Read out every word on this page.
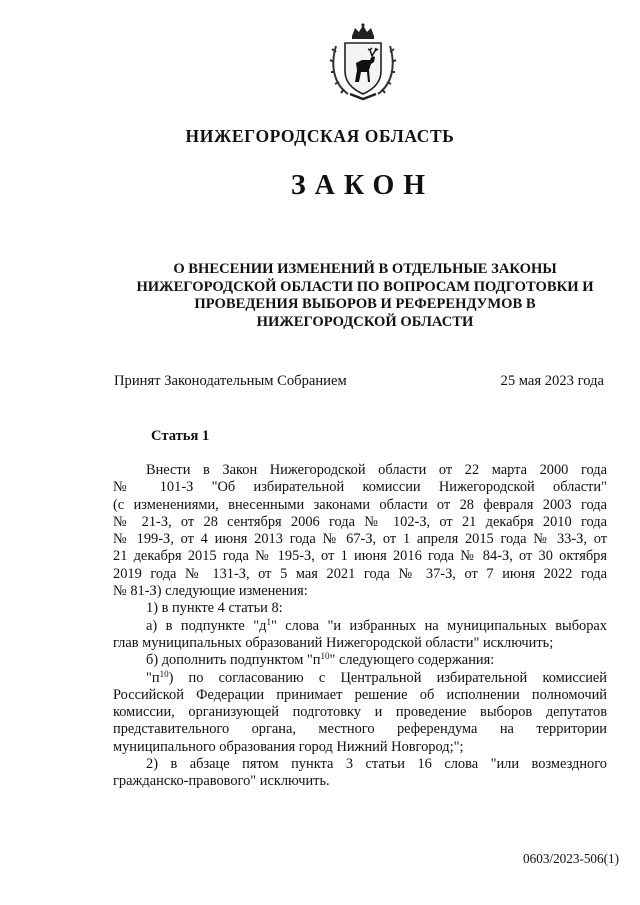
НИЖЕГОРОДСКАЯ ОБЛАСТЬ
ЗАКОН
О ВНЕСЕНИИ ИЗМЕНЕНИЙ В ОТДЕЛЬНЫЕ ЗАКОНЫ
НИЖЕГОРОДСКОЙ ОБЛАСТИ ПО ВОПРОСАМ ПОДГОТОВКИ И
ПРОВЕДЕНИЯ ВЫБОРОВ И РЕФЕРЕНДУМОВ В
НИЖЕГОРОДСКОЙ ОБЛАСТИ
Принят Законодательным Собранием	25 мая 2023 года
Статья 1
Внести в Закон Нижегородской области от 22 марта 2000 года
№ 101-З "Об избирательной комиссии Нижегородской области"
(с изменениями, внесенными законами области от 28 февраля 2003 года
№ 21-З, от 28 сентября 2006 года № 102-З, от 21 декабря 2010 года
№ 199-З, от 4 июня 2013 года № 67-З, от 1 апреля 2015 года № 33-З, от
21 декабря 2015 года № 195-З, от 1 июня 2016 года № 84-З, от 30 октября
2019 года № 131-З, от 5 мая 2021 года № 37-З, от 7 июня 2022 года
№ 81-З) следующие изменения:
1) в пункте 4 статьи 8:
а) в подпункте "$д^1$" слова "и избранных на муниципальных выборах
глав муниципальных образований Нижегородской области" исключить;
б) дополнить подпунктом "$п^{10}$" следующего содержания:
"$п^{10}$) по согласованию с Центральной избирательной комиссией
Российской Федерации принимает решение об исполнении полномочий
комиссии, организующей подготовку и проведение выборов депутатов
представительного органа, местного референдума на территории
муниципального образования город Нижний Новгород;";
2) в абзаце пятом пункта 3 статьи 16 слова "или возмездного
гражданско-правового" исключить.
0603/2023-506(1)
